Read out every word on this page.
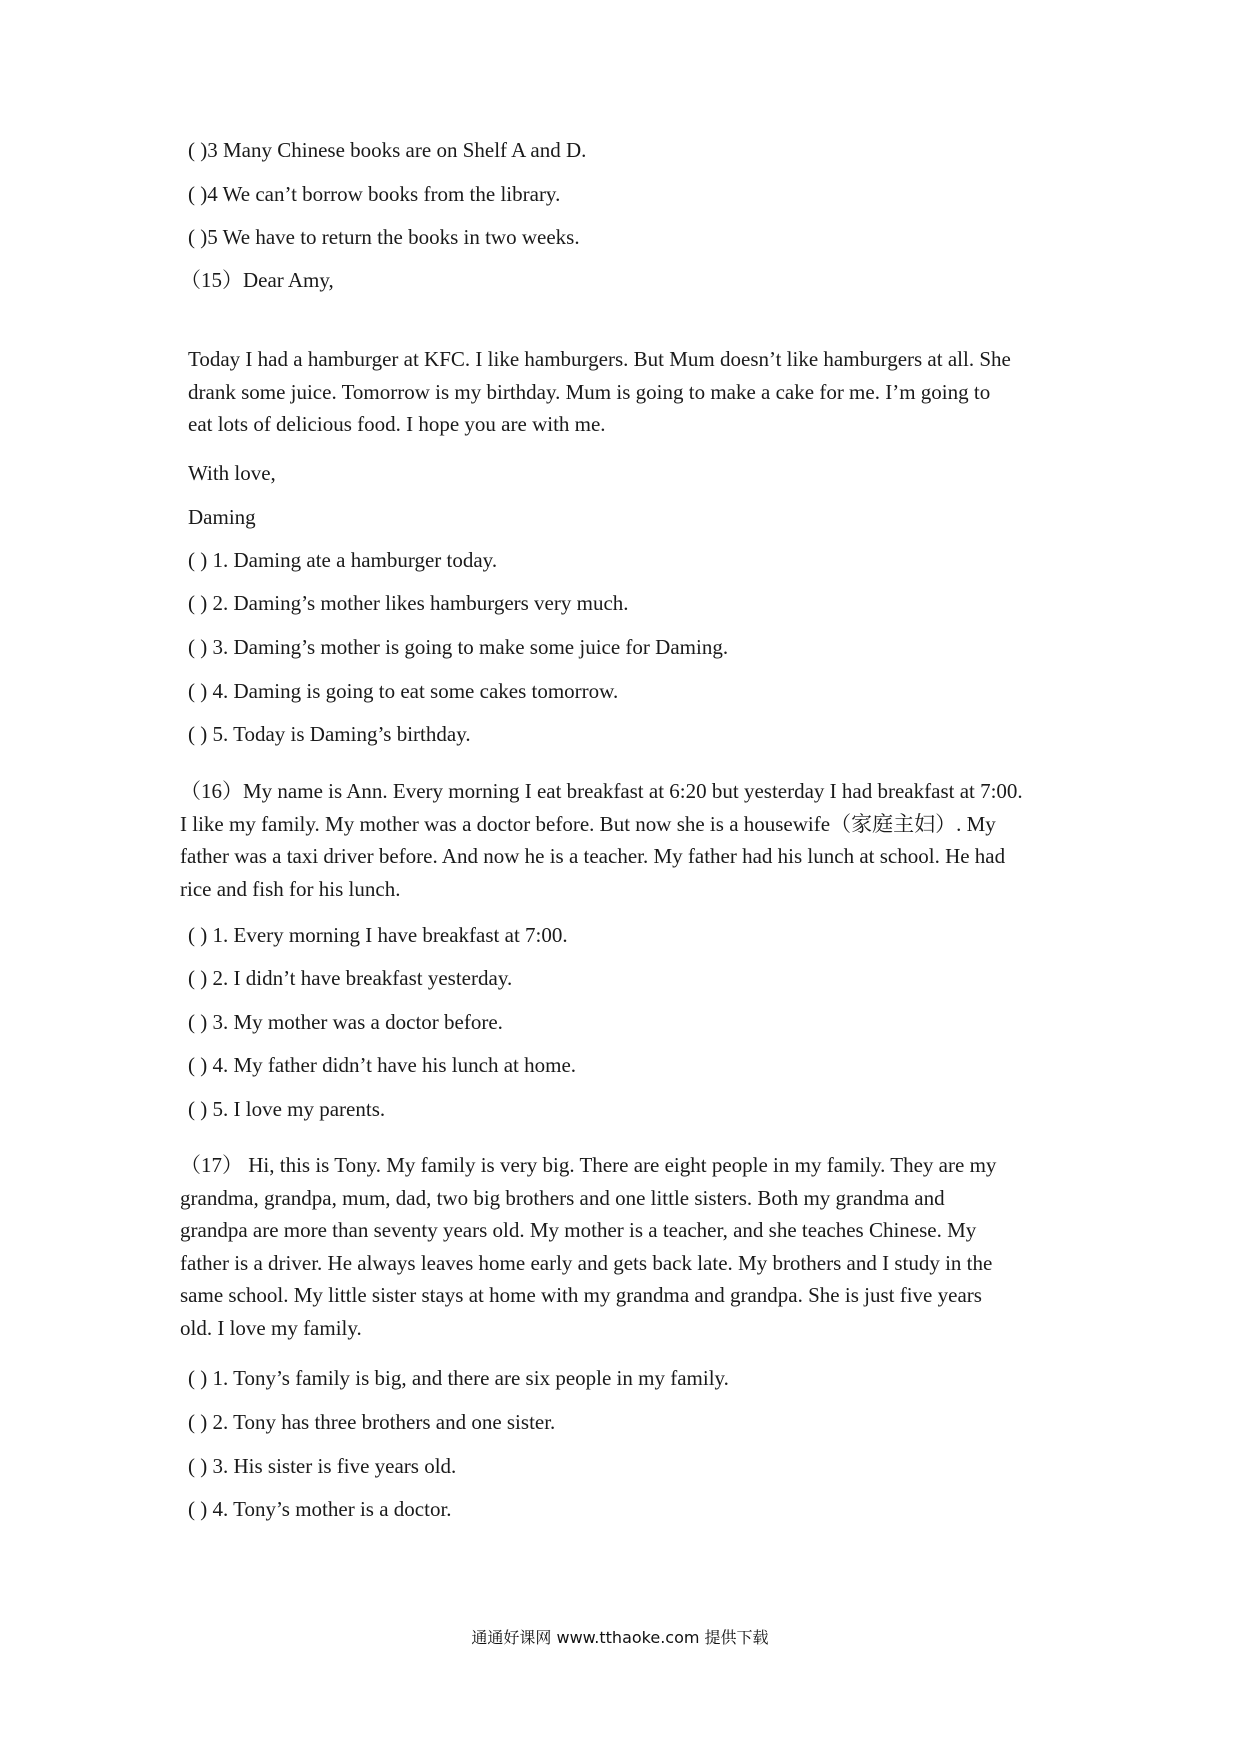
( )3 Many Chinese books are on Shelf A and D.
( )4 We can’t borrow books from the library.
( )5 We have to return the books in two weeks.
（15）Dear Amy,
Today I had a hamburger at KFC. I like hamburgers. But Mum doesn’t like hamburgers at all. She
drank some juice. Tomorrow is my birthday. Mum is going to make a cake for me. I’m going to
eat lots of delicious food. I hope you are with me.
With love,
Daming
( ) 1. Daming ate a hamburger today.
( ) 2. Daming’s mother likes hamburgers very much.
( ) 3. Daming’s mother is going to make some juice for Daming.
( ) 4. Daming is going to eat some cakes tomorrow.
( ) 5. Today is Daming’s birthday.
（16）My name is Ann. Every morning I eat breakfast at 6:20 but yesterday I had breakfast at 7:00.
I like my family. My mother was a doctor before. But now she is a housewife（家庭主妇）. My
father was a taxi driver before. And now he is a teacher. My father had his lunch at school. He had
rice and fish for his lunch.
( ) 1. Every morning I have breakfast at 7:00.
( ) 2. I didn’t have breakfast yesterday.
( ) 3. My mother was a doctor before.
( ) 4. My father didn’t have his lunch at home.
( ) 5. I love my parents.
（17） Hi, this is Tony. My family is very big. There are eight people in my family. They are my
grandma, grandpa, mum, dad, two big brothers and one little sisters. Both my grandma and
grandpa are more than seventy years old. My mother is a teacher, and she teaches Chinese. My
father is a driver. He always leaves home early and gets back late. My brothers and I study in the
same school. My little sister stays at home with my grandma and grandpa. She is just five years
old. I love my family.
( ) 1. Tony’s family is big, and there are six people in my family.
( ) 2. Tony has three brothers and one sister.
( ) 3. His sister is five years old.
( ) 4. Tony’s mother is a doctor.
通通好课网 www.tthaoke.com 提供下载
